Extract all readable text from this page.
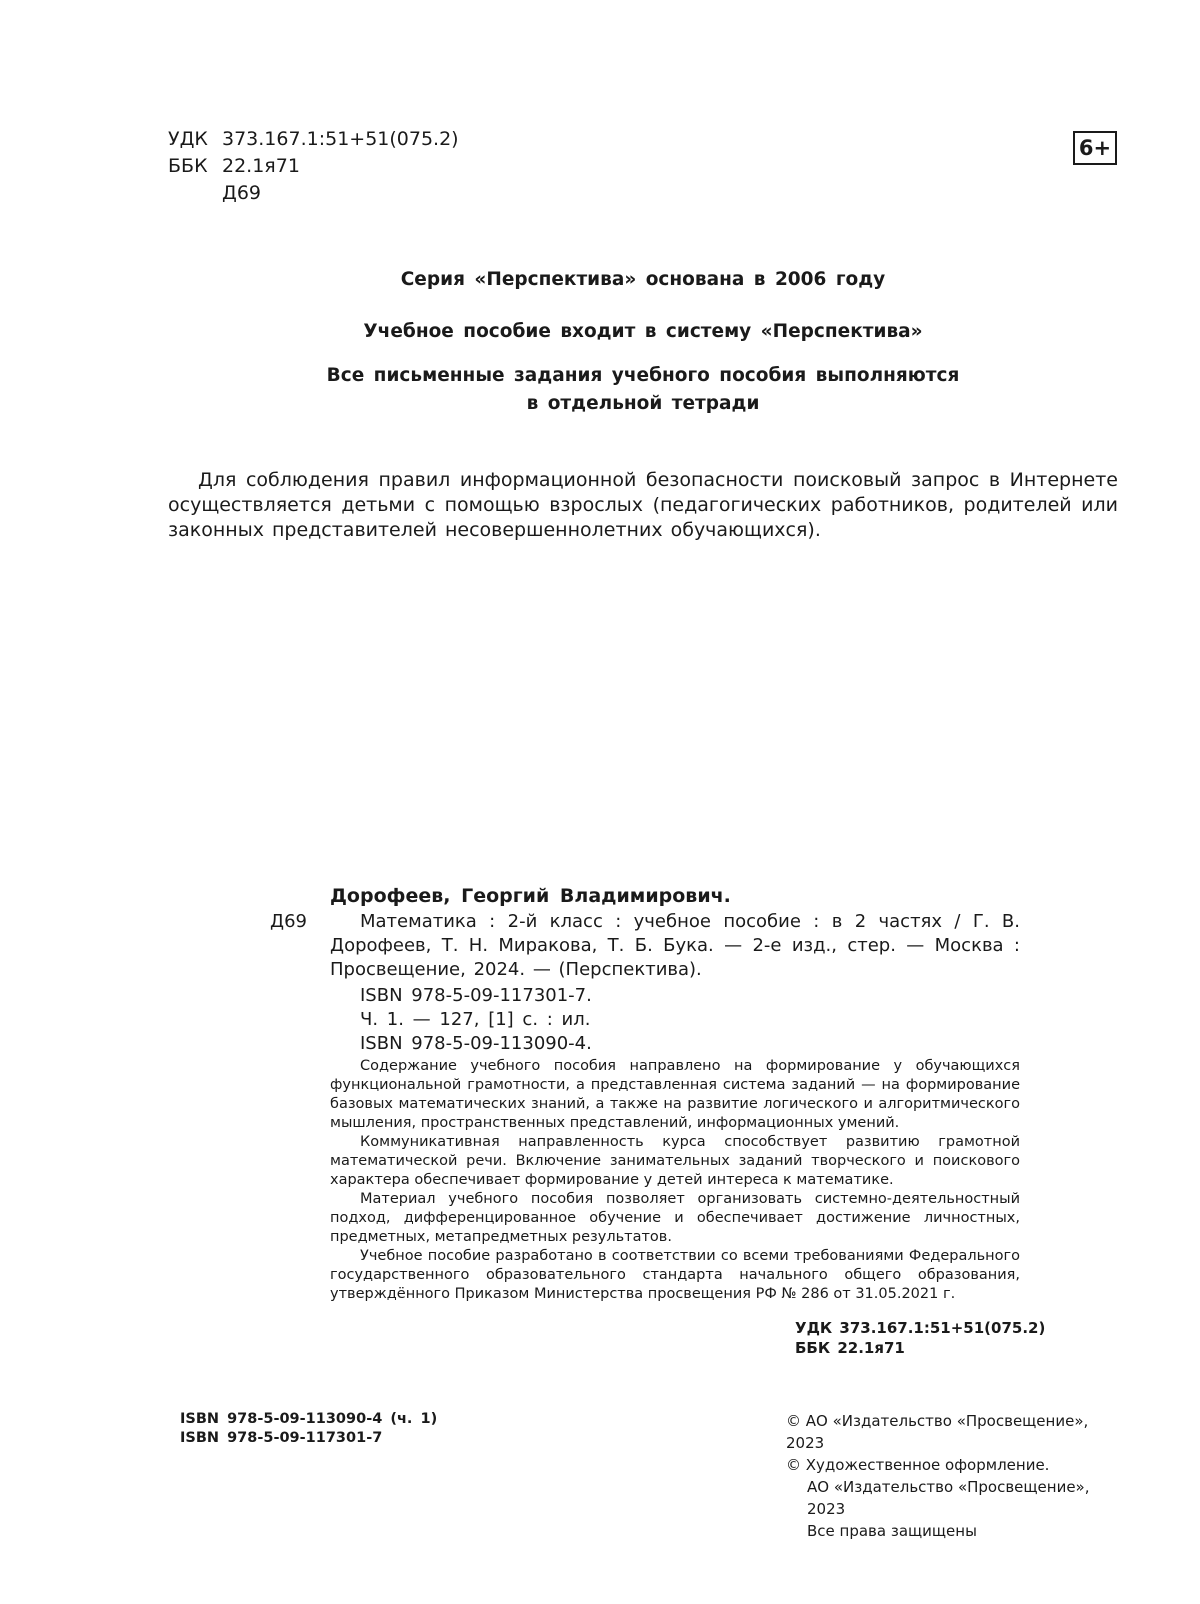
УДК 373.167.1:51+51(075.2)
ББК 22.1я71
Д69
6+
Серия «Перспектива» основана в 2006 году
Учебное пособие входит в систему «Перспектива»
Все письменные задания учебного пособия выполняются
в отдельной тетради
Для соблюдения правил информационной безопасности поисковый запрос в Интернете осуществляется детьми с помощью взрослых (педагогических работников, родителей или законных представителей несовершеннолетних обучающихся).
Дорофеев, Георгий Владимирович.
Д69	Математика : 2-й класс : учебное пособие : в 2 частях / Г. В. Дорофеев, Т. Н. Миракова, Т. Б. Бука. — 2-е изд., стер. — Москва : Просвещение, 2024. — (Перспектива).
ISBN 978-5-09-117301-7.
Ч. 1. — 127, [1] с. : ил.
ISBN 978-5-09-113090-4.

Содержание учебного пособия направлено на формирование у обучающихся функциональной грамотности, а представленная система заданий — на формирование базовых математических знаний, а также на развитие логического и алгоритмического мышления, пространственных представлений, информационных умений.

Коммуникативная направленность курса способствует развитию грамотной математической речи. Включение занимательных заданий творческого и поискового характера обеспечивает формирование у детей интереса к математике.

Материал учебного пособия позволяет организовать системно-деятельностный подход, дифференцированное обучение и обеспечивает достижение личностных, предметных, метапредметных результатов.

Учебное пособие разработано в соответствии со всеми требованиями Федерального государственного образовательного стандарта начального общего образования, утверждённого Приказом Министерства просвещения РФ № 286 от 31.05.2021 г.

УДК 373.167.1:51+51(075.2)
ББК 22.1я71
ISBN 978-5-09-113090-4 (ч. 1)
ISBN 978-5-09-117301-7
© АО «Издательство «Просвещение», 2023
© Художественное оформление.
АО «Издательство «Просвещение», 2023
Все права защищены
